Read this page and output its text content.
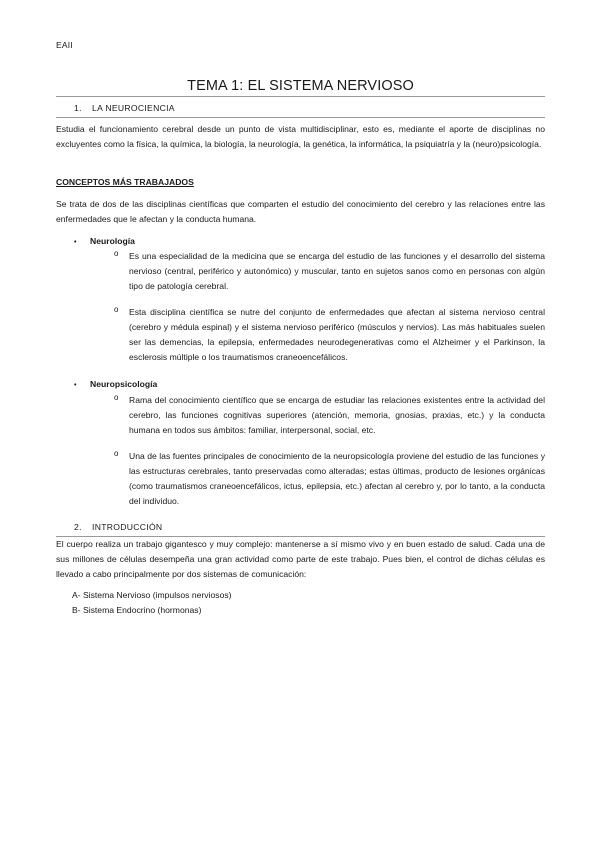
EAII
TEMA 1: EL SISTEMA NERVIOSO
1. LA NEUROCIENCIA

Estudia el funcionamiento cerebral desde un punto de vista multidisciplinar, esto es, mediante el aporte de disciplinas no excluyentes como la física, la química, la biología, la neurología, la genética, la informática, la psiquiatría y la (neuro)psicología.

CONCEPTOS MÁS TRABAJADOS

Se trata de dos de las disciplinas científicas que comparten el estudio del conocimiento del cerebro y las relaciones entre las enfermedades que le afectan y la conducta humana.

• Neurología
o Es una especialidad de la medicina que se encarga del estudio de las funciones y el desarrollo del sistema nervioso (central, periférico y autonómico) y muscular, tanto en sujetos sanos como en personas con algún tipo de patología cerebral.

o Esta disciplina científica se nutre del conjunto de enfermedades que afectan al sistema nervioso central (cerebro y médula espinal) y el sistema nervioso periférico (músculos y nervios). Las más habituales suelen ser las demencias, la epilepsia, enfermedades neurodegenerativas como el Alzheimer y el Parkinson, la esclerosis múltiple o los traumatismos craneoencefálicos.

• Neuropsicología
o Rama del conocimiento científico que se encarga de estudiar las relaciones existentes entre la actividad del cerebro, las funciones cognitivas superiores (atención, memoria, gnosias, praxias, etc.) y la conducta humana en todos sus ámbitos: familiar, interpersonal, social, etc.

o Una de las fuentes principales de conocimiento de la neuropsicología proviene del estudio de las funciones y las estructuras cerebrales, tanto preservadas como alteradas; estas últimas, producto de lesiones orgánicas (como traumatismos craneoencefálicos, ictus, epilepsia, etc.) afectan al cerebro y, por lo tanto, a la conducta del individuo.

2. INTRODUCCIÓN

El cuerpo realiza un trabajo gigantesco y muy complejo: mantenerse a sí mismo vivo y en buen estado de salud. Cada una de sus millones de células desempeña una gran actividad como parte de este trabajo. Pues bien, el control de dichas células es llevado a cabo principalmente por dos sistemas de comunicación:

A- Sistema Nervioso (impulsos nerviosos)
B- Sistema Endocrino (hormonas)
